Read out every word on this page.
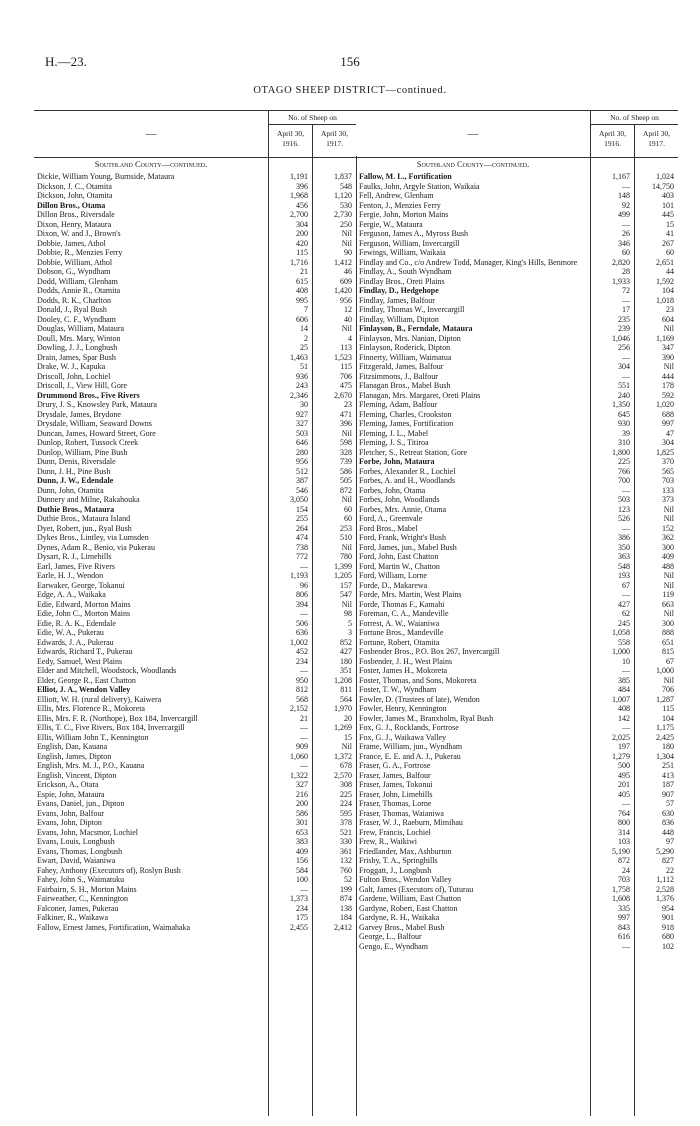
H.—23.	156
OTAGO SHEEP DISTRICT—continued.
—
No. of Sheep on
April 30,
1916.
April 30,
1917.
Southland County—continued.
Dickie, William Young, Burnside, Mataura	1,191	1,837
Dickson, J. C., Otamita	396	548
Dickson, John, Otamita	1,968	1,120
Dillon Bros., Otama	456	530
Dillon Bros., Riversdale	2,700	2,730
Dixon, Henry, Mataura	304	250
Dixon, W. and J., Brown's	200	Nil
Dobbie, James, Athol	420	Nil
Dobbie, R., Menzies Ferry	115	90
Dobbie, William, Athol	1,716	1,412
Dobson, G., Wyndham	21	46
Dodd, William, Glenham	615	609
Dodds, Annie R., Otamita	408	1,420
Dodds, R. K., Charlton	995	956
Donald, J., Ryal Bush	7	12
Dooley, C. F., Wyndham	606	40
Douglas, William, Mataura	14	Nil
Doull, Mrs. Mary, Winton	2	4
Dowling, J. J., Longbush	25	113
Drain, James, Spar Bush	1,463	1,523
Drake, W. J., Kapuka	51	115
Driscoll, John, Lochiel	936	706
Driscoll, J., View Hill, Gore	243	475
Drummond Bros., Five Rivers	2,346	2,670
Drury, J. S., Knowsley Park, Mataura	30	23
Drysdale, James, Brydone	927	471
Drysdale, William, Seaward Downs	327	396
Duncan, James, Howard Street, Gore	503	Nil
Dunlop, Robert, Tussock Creek	646	598
Dunlop, William, Pine Bush	280	328
Dunn, Denis, Riversdale	956	739
Dunn, J. H., Pine Bush	512	586
Dunn, J. W., Edendale	387	505
Dunn, John, Otamita	546	872
Dunnery and Milne, Rakahouka	3,050	Nil
Duthie Bros., Mataura	154	60
Duthie Bros., Mataura Island	255	60
Dyet, Robert, jun., Ryal Bush	264	253
Dykes Bros., Lintley, via Lumsden	474	510
Dynes, Adam R., Benio, via Pukerau	738	Nil
Dysart, R. J., Limehills	772	780
Earl, James, Five Rivers	—	1,399
Earle, H. J., Wendon	1,193	1,205
Earwaker, George, Tokanui	96	157
Edge, A. A., Waikaka	806	547
Edie, Edward, Morton Mains	394	Nil
Edie, John C., Morton Mains	—	98
Edie, R. A. K., Edendale	506	5
Edie, W. A., Pukerau	636	3
Edwards, J. A., Pukerau	1,002	852
Edwards, Richard T., Pukerau	452	427
Eedy, Samuel, West Plains	234	180
Elder and Mitchell, Woodstock, Woodlands	—	351
Elder, George R., East Chatton	950	1,208
Elliot, J. A., Wendon Valley	812	811
Elliott, W. H. (rural delivery), Kaiwera	568	564
Ellis, Mrs. Florence R., Mokoreta	2,152	1,970
Ellis, Mrs. F. R. (Northope), Box 184, Invercargill	21	20
Ellis, T. C., Five Rivers, Box 184, Invercargill	—	1,269
Ellis, William John T., Kennington	—	15
English, Dan, Kauana	909	Nil
English, James, Dipton	1,060	1,372
English, Mrs. M. J., P.O., Kauana	—	678
English, Vincent, Dipton	1,322	2,570
Erickson, A., Otara	327	308
Espie, John, Mataura	216	225
Evans, Daniel, jun., Dipton	200	224
Evans, John, Balfour	586	595
Evans, John, Dipton	301	378
Evans, John, Macsmor, Lochiel	653	521
Evans, Louis, Longbush	383	330
Evans, Thomas, Longbush	409	361
Ewart, David, Waianiwa	156	132
Fahey, Anthony (Executors of), Roslyn Bush	584	760
Fahey, John S., Waimatuku	100	52
Fairbairn, S. H., Morton Mains	—	199
Fairweather, C., Kennington	1,373	874
Falconer, James, Pukerau	234	138
Falkiner, R., Waikawa	175	184
Fallow, Ernest James, Fortification, Waimahaka	2,455	2,412
—
No. of Sheep on
April 30,
1916.
April 30,
1917.
Southland County—continued.
Fallow, M. L., Fortification	1,167	1,024
Faulks, John, Argyle Station, Waikaia	—	14,750
Fell, Andrew, Glenham	148	403
Fenton, J., Menzies Ferry	92	101
Fergie, John, Morton Mains	499	445
Fergie, W., Mataura	—	15
Ferguson, James A., Myross Bush	26	41
Ferguson, William, Invercargill	346	267
Fewings, William, Waikaia	60	60
Findlay and Co., c/o Andrew Todd, Manager, King's Hills, Benmore	2,820	2,651
Findlay, A., South Wyndham	28	44
Findlay Bros., Oreti Plains	1,933	1,592
Findlay, D., Hedgehope	72	104
Findlay, James, Balfour	—	1,018
Findlay, Thomas W., Invercargill	17	23
Findlay, William, Dipton	235	604
Finlayson, B., Ferndale, Mataura	239	Nil
Finlayson, Mrs. Nanian, Dipton	1,046	1,169
Finlayson, Roderick, Dipton	256	347
Finnerty, William, Waimatua	—	390
Fitzgerald, James, Balfour	304	Nil
Fitzsimmons, J., Balfour	—	444
Flanagan Bros., Mabel Bush	551	178
Flanagan, Mrs. Margaret, Oreti Plains	240	592
Fleming, Adam, Balfour	1,350	1,020
Fleming, Charles, Crookston	645	688
Fleming, James, Fortification	930	997
Fleming, J. L., Mabel	39	47
Fleming, J. S., Titiroa	310	304
Fletcher, S., Retreat Station, Gore	1,800	1,825
Forbe, John, Mataura	225	370
Forbes, Alexander R., Lochiel	766	565
Forbes, A. and H., Woodlands	700	703
Forbes, John, Otama	—	133
Forbes, John, Woodlands	503	373
Forbes, Mrs. Annie, Otama	123	Nil
Ford, A., Greenvale	526	Nil
Ford Bros., Mabel	—	152
Ford, Frank, Wright's Bush	386	362
Ford, James, jun., Mabel Bush	350	300
Ford, John, East Chatton	363	409
Ford, Martin W., Chatton	548	488
Ford, William, Lorne	193	Nil
Forde, D., Makarewa	67	Nil
Forde, Mrs. Martin, West Plains	—	119
Forde, Thomas F., Kamahi	427	663
Foreman, C. A., Mandeville	62	Nil
Forrest, A. W., Waianiwa	245	300
Fortune Bros., Mandeville	1,058	888
Fortune, Robert, Otamita	558	651
Fosbender Bros., P.O. Box 267, Invercargill	1,000	815
Fosbender, J. H., West Plains	10	67
Foster, James H., Mokoreta	—	1,000
Foster, Thomas, and Sons, Mokoreta	385	Nil
Foster, T. W., Wyndham	484	706
Fowler, D. (Trustees of late), Wendon	1,007	1,287
Fowler, Henry, Kennington	408	115
Fowler, James M., Branxholm, Ryal Bush	142	104
Fox, G. J., Rocklands, Fortrose	—	1,175
Fox, G. J., Waikawa Valley	2,025	2,425
Frame, William, jun., Wyndham	197	180
France, E. E. and A. J., Pukerau	1,279	1,304
Fraser, G. A., Fortrose	500	251
Fraser, James, Balfour	495	413
Fraser, James, Tokonui	201	187
Fraser, John, Limehills	405	907
Fraser, Thomas, Lorne	—	57
Fraser, Thomas, Waianiwa	764	630
Fraser, W. J., Raeburn, Mimihau	800	836
Frew, Francis, Lochiel	314	448
Frew, R., Waikiwi	103	97
Friedlander, Max, Ashburton	5,190	5,290
Frisby, T. A., Springhills	872	827
Froggatt, J., Longbush	24	22
Fulton Bros., Wendon Valley	703	1,112
Galt, James (Executors of), Tuturau	1,758	2,528
Gardene, William, East Chatton	1,608	1,376
Gardyne, Robert, East Chatton	335	954
Gardyne, R. H., Waikaka	997	901
Garvey Bros., Mabel Bush	843	918
George, L., Balfour	616	680
Gengo, E., Wyndham	—	102
